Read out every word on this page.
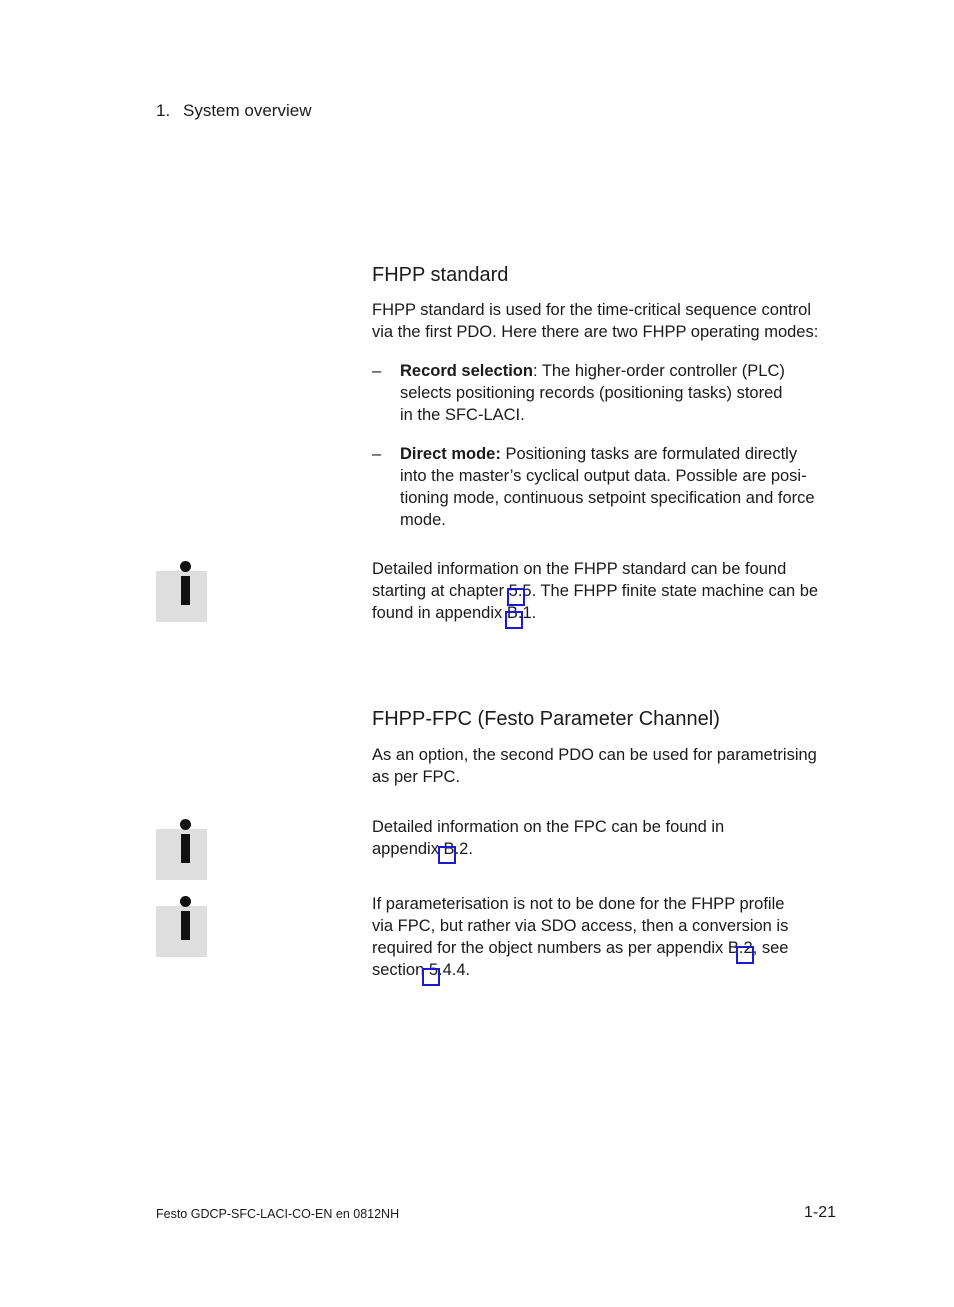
1. System overview
FHPP standard
FHPP standard is used for the time-critical sequence control
via the first PDO. Here there are two FHPP operating modes:
– Record selection: The higher-order controller (PLC)
selects positioning records (positioning tasks) stored
in the SFC-LACI.
– Direct mode: Positioning tasks are formulated directly
into the master’s cyclical output data. Possible are posi-
tioning mode, continuous setpoint specification and force
mode.
Detailed information on the FHPP standard can be found
starting at chapter 5.5. The FHPP finite state machine can be
found in appendix B.1.
FHPP-FPC (Festo Parameter Channel)
As an option, the second PDO can be used for parametrising
as per FPC.
Detailed information on the FPC can be found in
appendix B.2.
If parameterisation is not to be done for the FHPP profile
via FPC, but rather via SDO access, then a conversion is
required for the object numbers as per appendix B.2, see
section 5.4.4.
Festo GDCP-SFC-LACI-CO-EN en 0812NH	1-21
